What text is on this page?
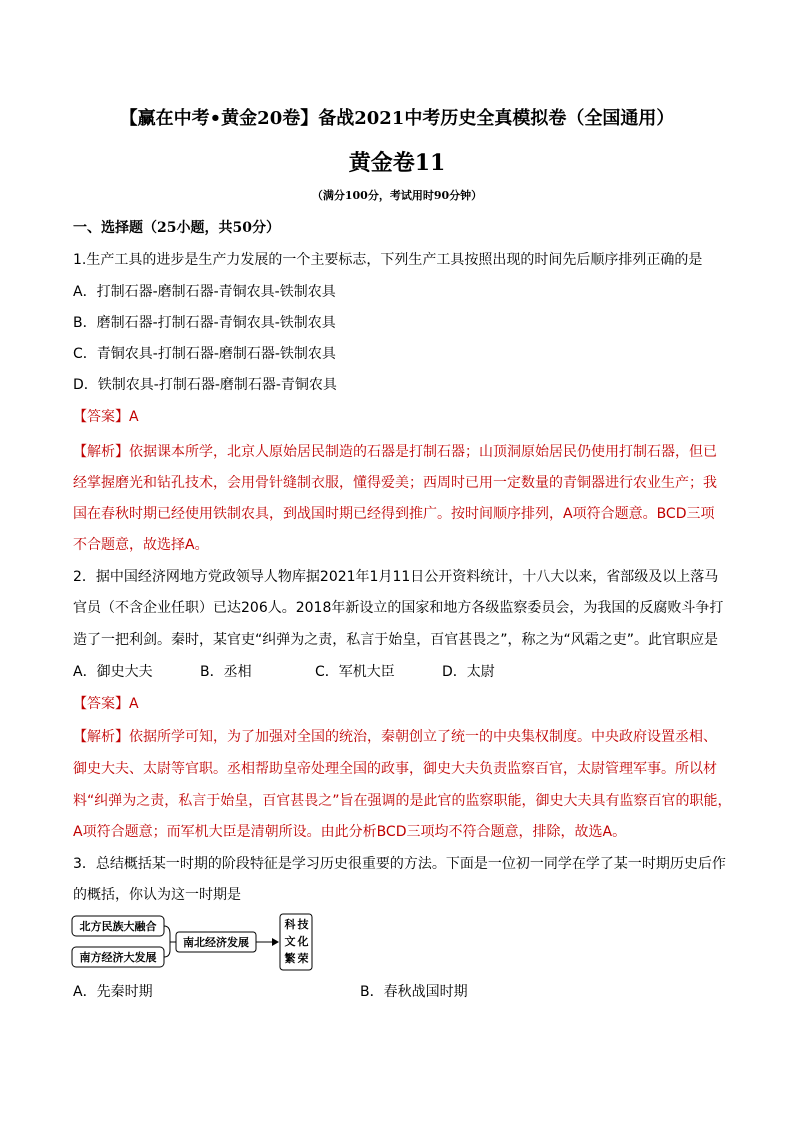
【赢在中考•黄金20卷】备战2021中考历史全真模拟卷（全国通用）
黄金卷11
（满分100分，考试用时90分钟）
一、选择题（25小题，共50分）
1.生产工具的进步是生产力发展的一个主要标志，下列生产工具按照出现的时间先后顺序排列正确的是
A．打制石器-磨制石器-青铜农具-铁制农具
B．磨制石器-打制石器-青铜农具-铁制农具
C．青铜农具-打制石器-磨制石器-铁制农具
D．铁制农具-打制石器-磨制石器-青铜农具
【答案】A
【解析】依据课本所学，北京人原始居民制造的石器是打制石器；山顶洞原始居民仍使用打制石器，但已
经掌握磨光和钻孔技术，会用骨针缝制衣服，懂得爱美；西周时已用一定数量的青铜器进行农业生产；我
国在春秋时期已经使用铁制农具，到战国时期已经得到推广。按时间顺序排列，A项符合题意。BCD三项
不合题意，故选择A。
2．据中国经济网地方党政领导人物库据2021年1月11日公开资料统计，十八大以来，省部级及以上落马
官员（不含企业任职）已达206人。2018年新设立的国家和地方各级监察委员会，为我国的反腐败斗争打
造了一把利剑。秦时，某官吏“纠弹为之责，私言于始皇，百官甚畏之”，称之为“风霜之吏”。此官职应是
A．御史大夫	B．丞相	C．军机大臣	D．太尉
【答案】A
【解析】依据所学可知，为了加强对全国的统治，秦朝创立了统一的中央集权制度。中央政府设置丞相、
御史大夫、太尉等官职。丞相帮助皇帝处理全国的政事，御史大夫负责监察百官，太尉管理军事。所以材
料“纠弹为之责，私言于始皇，百官甚畏之”旨在强调的是此官的监察职能，御史大夫具有监察百官的职能，
A项符合题意；而军机大臣是清朝所设。由此分析BCD三项均不符合题意，排除，故选A。
3．总结概括某一时期的阶段特征是学习历史很重要的方法。下面是一位初一同学在学了某一时期历史后作
的概括，你认为这一时期是
北方民族大融合
南方经济大发展
南北经济发展
科 技
文 化
繁 荣
A．先秦时期	B．春秋战国时期
